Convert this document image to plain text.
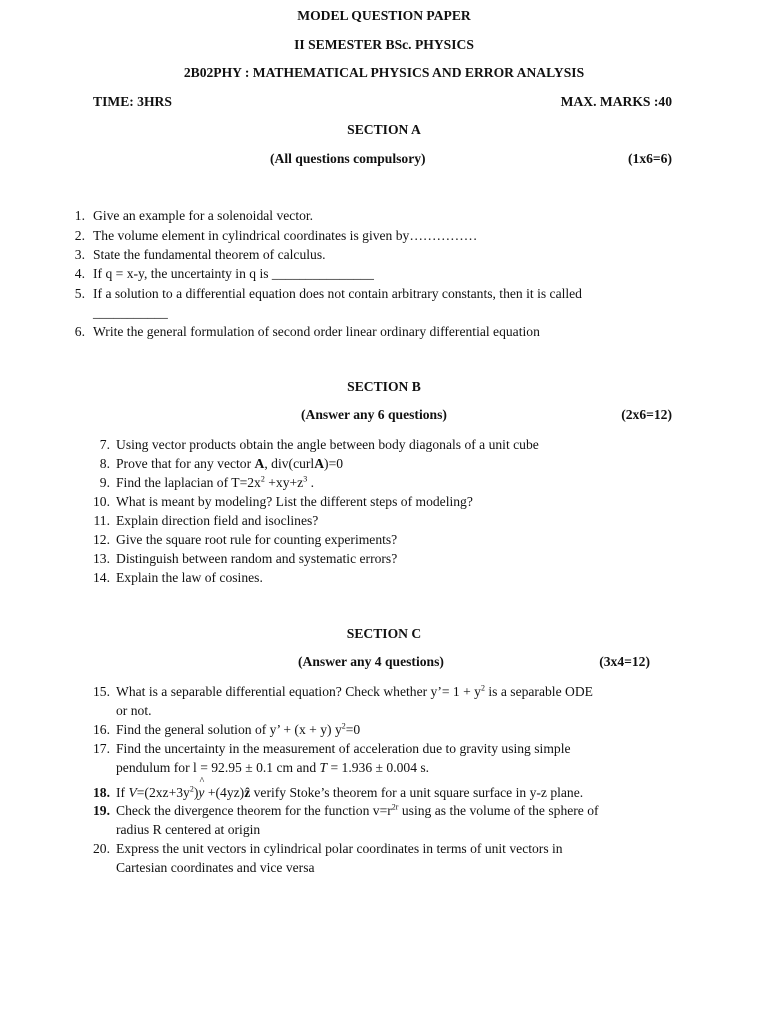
MODEL QUESTION PAPER
II SEMESTER BSc. PHYSICS
2B02PHY : MATHEMATICAL PHYSICS AND ERROR ANALYSIS
TIME: 3HRS	MAX. MARKS :40
SECTION A
(All questions compulsory)	(1x6=6)
1. Give an example for a solenoidal vector.
2. The volume element in cylindrical coordinates is given by……………
3. State the fundamental theorem of calculus.
4. If q = x-y, the uncertainty in q is _______________
5. If a solution to a differential equation does not contain arbitrary constants, then it is called
___________
6. Write the general formulation of second order linear ordinary differential equation
SECTION B
(Answer any 6 questions)	(2x6=12)
7. Using vector products obtain the angle between body diagonals of a unit cube
8. Prove that for any vector A, div(curlA)=0
9. Find the laplacian of $T=2x^2 +xy+z^3$ .
10. What is meant by modeling? List the different steps of modeling?
11. Explain direction field and isoclines?
12. Give the square root rule for counting experiments?
13. Distinguish between random and systematic errors?
14. Explain the law of cosines.
SECTION C
(Answer any 4 questions)	(3x4=12)
15. What is a separable differential equation? Check whether y’= $1 + y^2$ is a separable ODE
or not.
16. Find the general solution of y’ + (x + y) $y^2=0$
17. Find the uncertainty in the measurement of acceleration due to gravity using simple
pendulum for l = 92.95 ± 0.1 cm and T = 1.936 ± 0.004 s.
18. If $V=(2xz+3y^2)\^{}$ y +(4yz)ẑ verify Stoke’s theorem for a unit square surface in y-z plane.
19. Check the divergence theorem for the function $v=r^{2r}$ using as the volume of the sphere of
radius R centered at origin
20. Express the unit vectors in cylindrical polar coordinates in terms of unit vectors in
Cartesian coordinates and vice versa
